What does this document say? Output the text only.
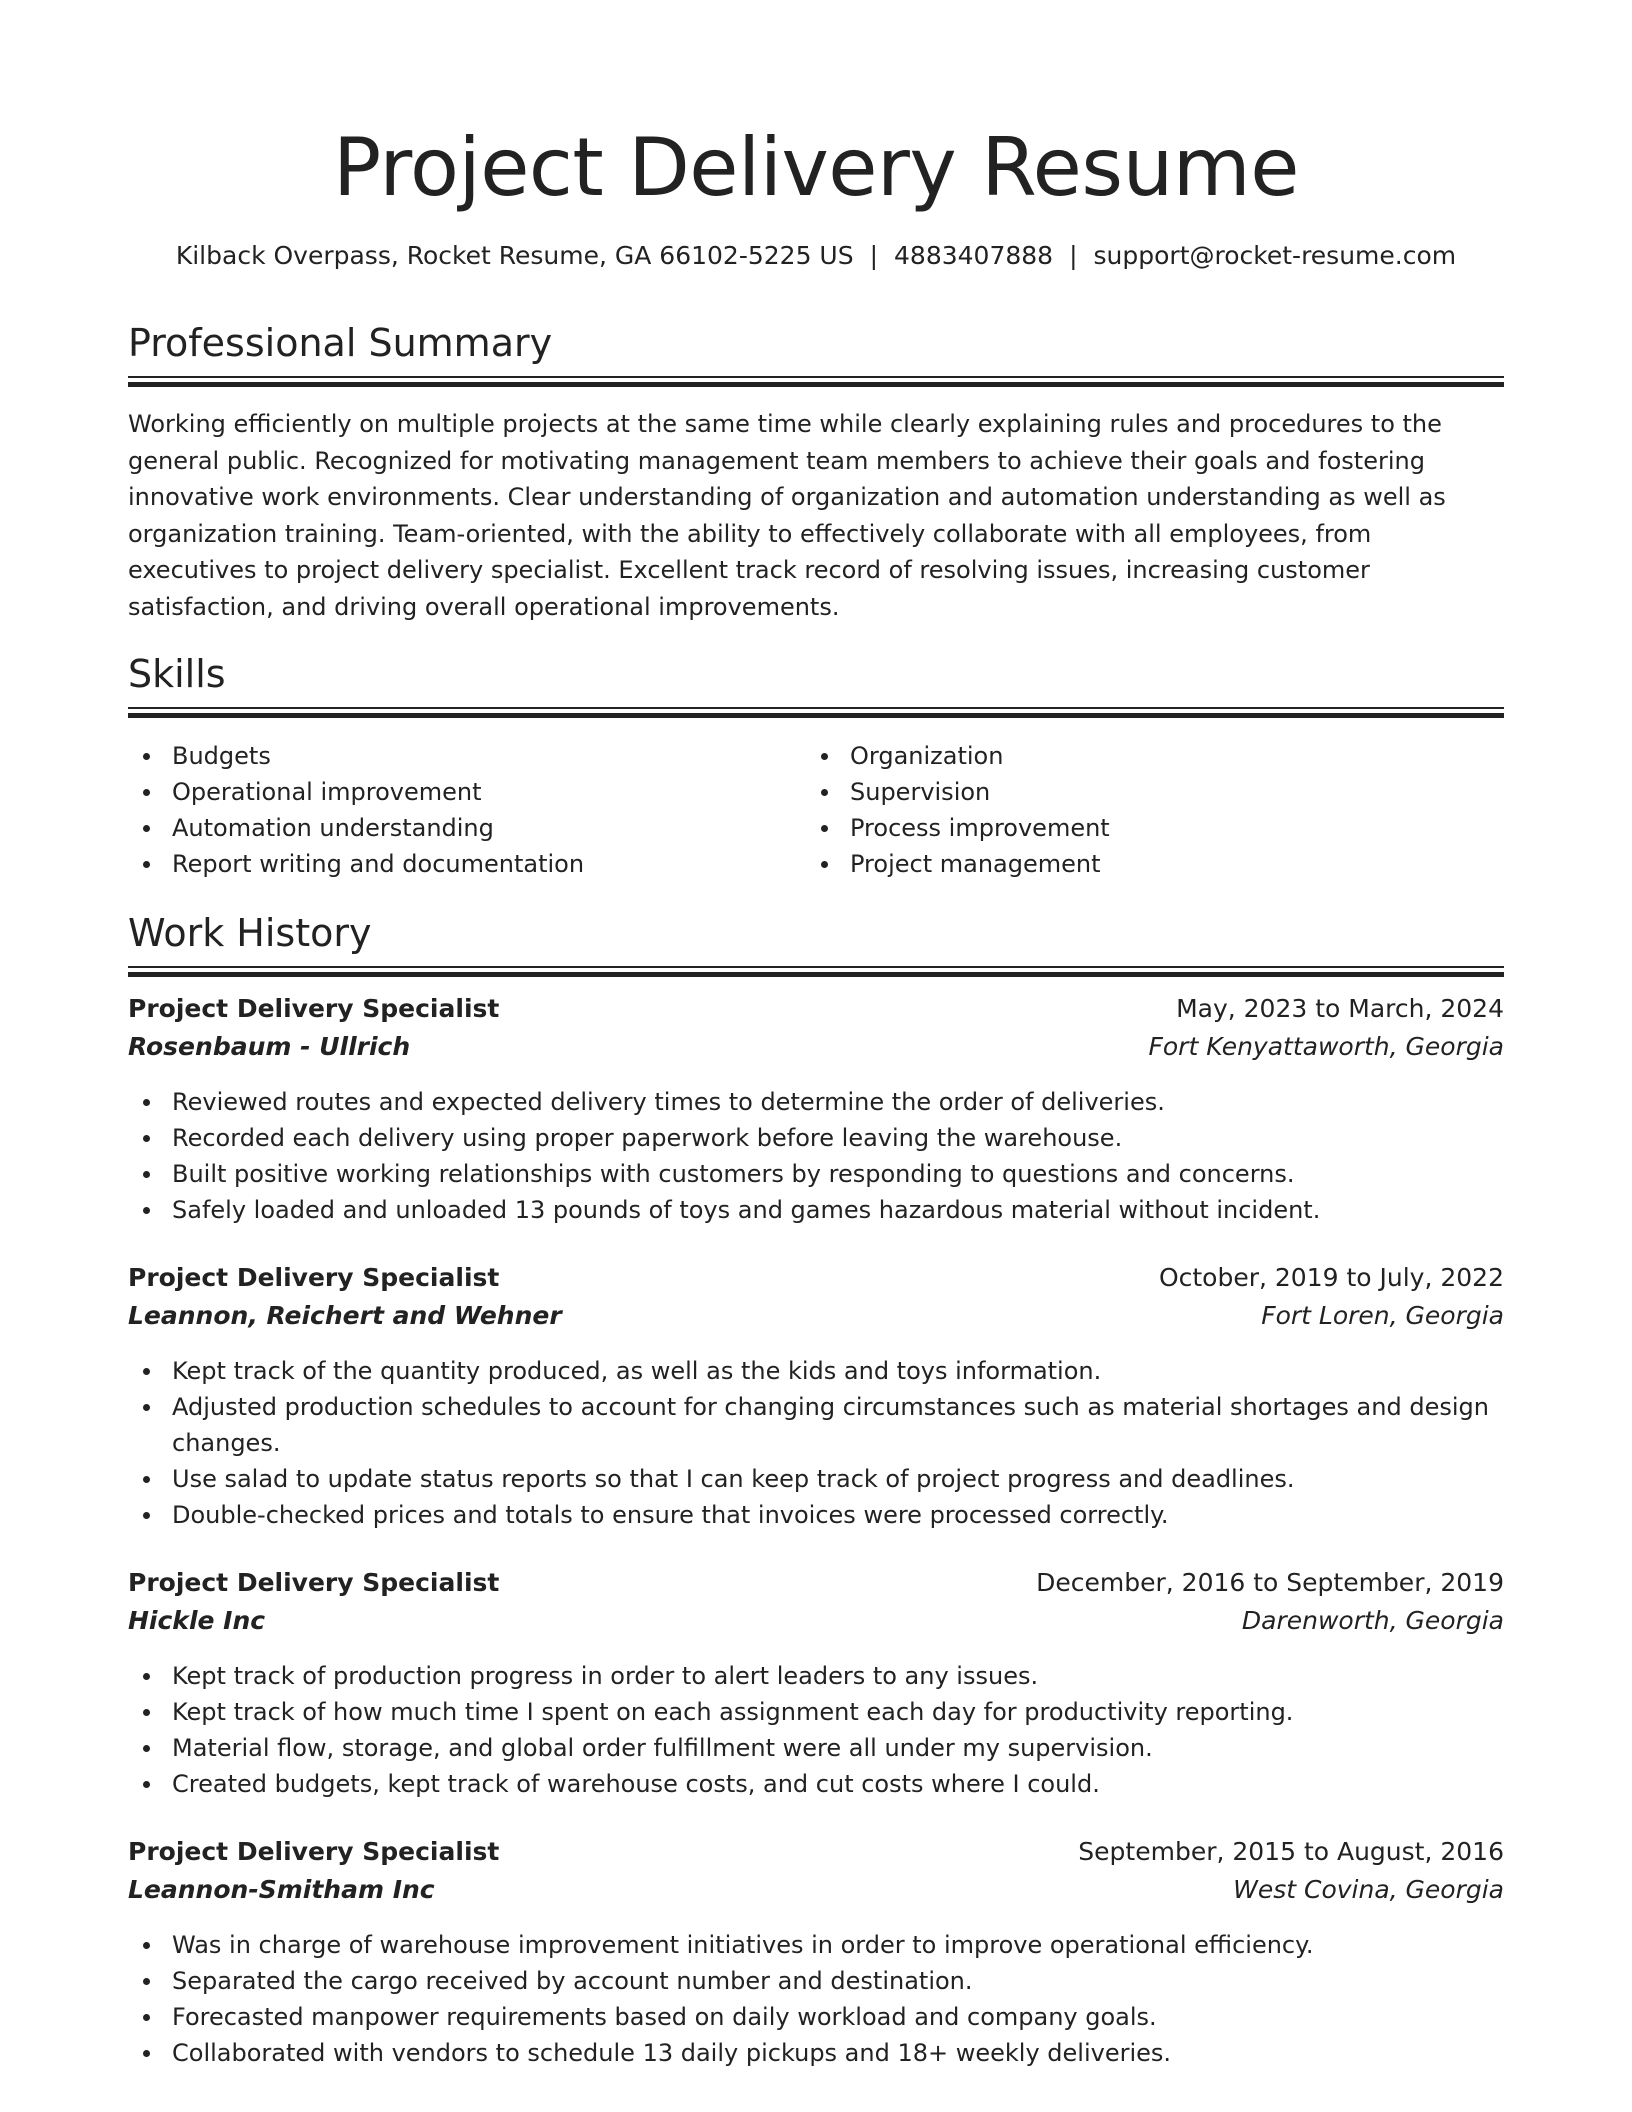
Project Delivery Resume
Kilback Overpass, Rocket Resume, GA 66102-5225 US | 4883407888 | support@rocket-resume.com
Professional Summary

Working efficiently on multiple projects at the same time while clearly explaining rules and procedures to the general public. Recognized for motivating management team members to achieve their goals and fostering innovative work environments. Clear understanding of organization and automation understanding as well as organization training. Team-oriented, with the ability to effectively collaborate with all employees, from executives to project delivery specialist. Excellent track record of resolving issues, increasing customer satisfaction, and driving overall operational improvements.

Skills
Budgets
Operational improvement
Automation understanding
Report writing and documentation
Organization
Supervision
Process improvement
Project management
Work History
Project Delivery Specialist	May, 2023 to March, 2024
Rosenbaum - Ullrich	Fort Kenyattaworth, Georgia
Reviewed routes and expected delivery times to determine the order of deliveries.
Recorded each delivery using proper paperwork before leaving the warehouse.
Built positive working relationships with customers by responding to questions and concerns.
Safely loaded and unloaded 13 pounds of toys and games hazardous material without incident.
Project Delivery Specialist	October, 2019 to July, 2022
Leannon, Reichert and Wehner	Fort Loren, Georgia
Kept track of the quantity produced, as well as the kids and toys information.
Adjusted production schedules to account for changing circumstances such as material shortages and design changes.
Use salad to update status reports so that I can keep track of project progress and deadlines.
Double-checked prices and totals to ensure that invoices were processed correctly.
Project Delivery Specialist	December, 2016 to September, 2019
Hickle Inc	Darenworth, Georgia
Kept track of production progress in order to alert leaders to any issues.
Kept track of how much time I spent on each assignment each day for productivity reporting.
Material flow, storage, and global order fulfillment were all under my supervision.
Created budgets, kept track of warehouse costs, and cut costs where I could.
Project Delivery Specialist	September, 2015 to August, 2016
Leannon-Smitham Inc	West Covina, Georgia
Was in charge of warehouse improvement initiatives in order to improve operational efficiency.
Separated the cargo received by account number and destination.
Forecasted manpower requirements based on daily workload and company goals.
Collaborated with vendors to schedule 13 daily pickups and 18+ weekly deliveries.
